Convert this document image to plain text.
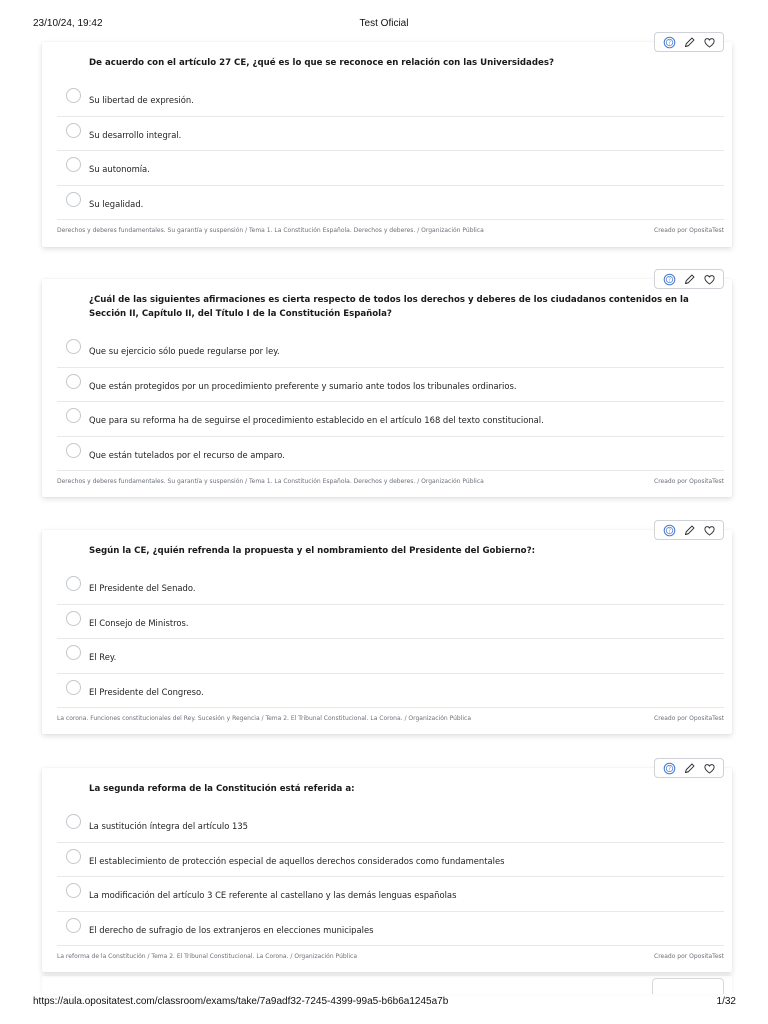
23/10/24, 19:42	Test Oficial
?
De acuerdo con el artículo 27 CE, ¿qué es lo que se reconoce en relación con las Universidades?
Su libertad de expresión.
Su desarrollo integral.
Su autonomía.
Su legalidad.
Derechos y deberes fundamentales. Su garantía y suspensión / Tema 1. La Constitución Española. Derechos y deberes. / Organización Pública	Creado por OpositaTest
?
¿Cuál de las siguientes afirmaciones es cierta respecto de todos los derechos y deberes de los ciudadanos contenidos en la Sección II, Capítulo II, del Título I de la Constitución Española?
Que su ejercicio sólo puede regularse por ley.
Que están protegidos por un procedimiento preferente y sumario ante todos los tribunales ordinarios.
Que para su reforma ha de seguirse el procedimiento establecido en el artículo 168 del texto constitucional.
Que están tutelados por el recurso de amparo.
Derechos y deberes fundamentales. Su garantía y suspensión / Tema 1. La Constitución Española. Derechos y deberes. / Organización Pública	Creado por OpositaTest
?
Según la CE, ¿quién refrenda la propuesta y el nombramiento del Presidente del Gobierno?:
El Presidente del Senado.
El Consejo de Ministros.
El Rey.
El Presidente del Congreso.
La corona. Funciones constitucionales del Rey. Sucesión y Regencia / Tema 2. El Tribunal Constitucional. La Corona. / Organización Pública	Creado por OpositaTest
?
La segunda reforma de la Constitución está referida a:
La sustitución íntegra del artículo 135
El establecimiento de protección especial de aquellos derechos considerados como fundamentales
La modificación del artículo 3 CE referente al castellano y las demás lenguas españolas
El derecho de sufragio de los extranjeros en elecciones municipales
La reforma de la Constitución / Tema 2. El Tribunal Constitucional. La Corona. / Organización Pública	Creado por OpositaTest
https://aula.opositatest.com/classroom/exams/take/7a9adf32-7245-4399-99a5-b6b6a1245a7b	1/32
